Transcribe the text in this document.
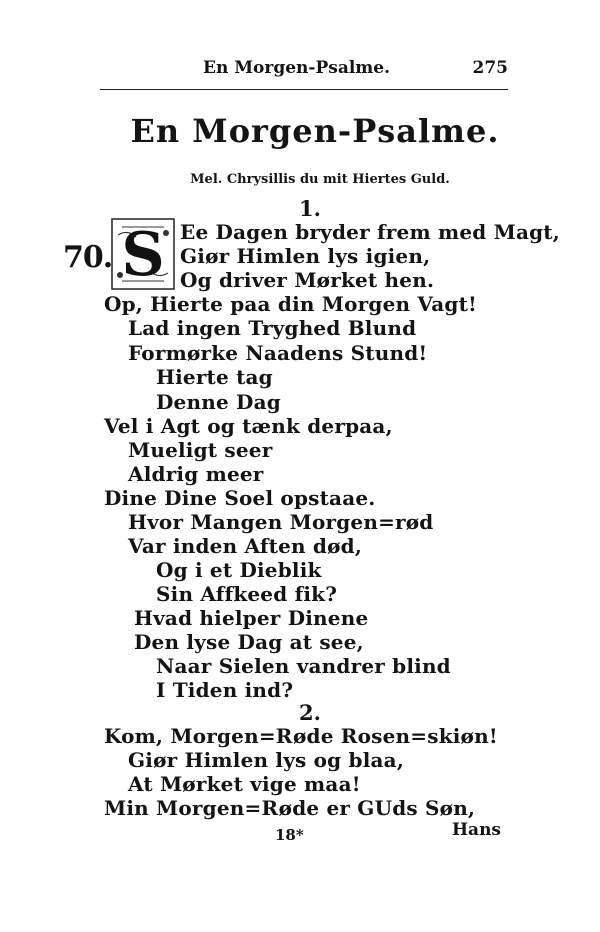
En Morgen-Psalme.	275
En Morgen-Psalme.
Mel. Chrysillis du mit Hiertes Guld.
1.
70. S Ee Dagen bryder frem med Magt,
Giør Himlen lys igien,
Og driver Mørket hen.
Op, Hierte paa din Morgen Vagt!
Lad ingen Tryghed Blund
Formørke Naadens Stund!
Hierte tag
Denne Dag
Vel i Agt og tænk derpaa,
Mueligt seer
Aldrig meer
Dine Dine Soel opstaae.
Hvor Mangen Morgen=rød
Var inden Aften død,
Og i et Dieblik
Sin Affkeed fik?
Hvad hielper Dinene
Den lyse Dag at see,
Naar Sielen vandrer blind
I Tiden ind?
2.
Kom, Morgen=Røde Rosen=skiøn!
Giør Himlen lys og blaa,
At Mørket vige maa!
Min Morgen=Røde er GUds Søn,
18*	Hans
